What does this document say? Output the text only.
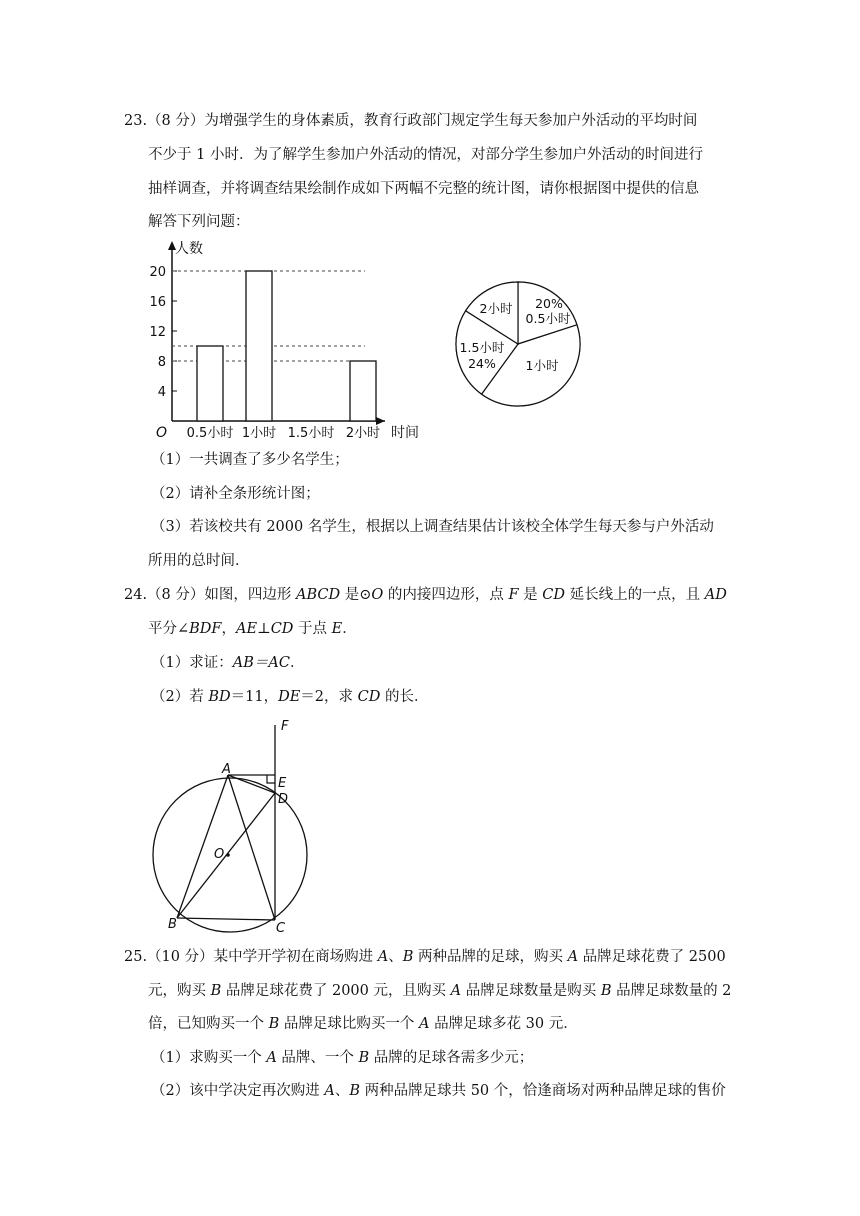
23.（8 分）为增强学生的身体素质，教育行政部门规定学生每天参加户外活动的平均时间
不少于 1 小时．为了解学生参加户外活动的情况，对部分学生参加户外活动的时间进行
抽样调查，并将调查结果绘制作成如下两幅不完整的统计图，请你根据图中提供的信息
解答下列问题：
人数
时间
O
4
8
12
16
20
0.5小时 1小时 1.5小时 2小时
20%
0.5小时
1小时
1.5小时
24%
2小时
（1）一共调查了多少名学生；
（2）请补全条形统计图；
（3）若该校共有 2000 名学生，根据以上调查结果估计该校全体学生每天参与户外活动
所用的总时间．
24.（8 分）如图，四边形 ABCD 是⊙O 的内接四边形，点 F 是 CD 延长线上的一点，且 AD
平分∠BDF，AE⊥CD 于点 E．
（1）求证：AB＝AC．
（2）若 BD＝11，DE＝2，求 CD 的长．
F
A
E
D
O
B	C
25.（10 分）某中学开学初在商场购进 A、B 两种品牌的足球，购买 A 品牌足球花费了 2500
元，购买 B 品牌足球花费了 2000 元，且购买 A 品牌足球数量是购买 B 品牌足球数量的 2
倍，已知购买一个 B 品牌足球比购买一个 A 品牌足球多花 30 元．
（1）求购买一个 A 品牌、一个 B 品牌的足球各需多少元；
（2）该中学决定再次购进 A、B 两种品牌足球共 50 个，恰逢商场对两种品牌足球的售价
